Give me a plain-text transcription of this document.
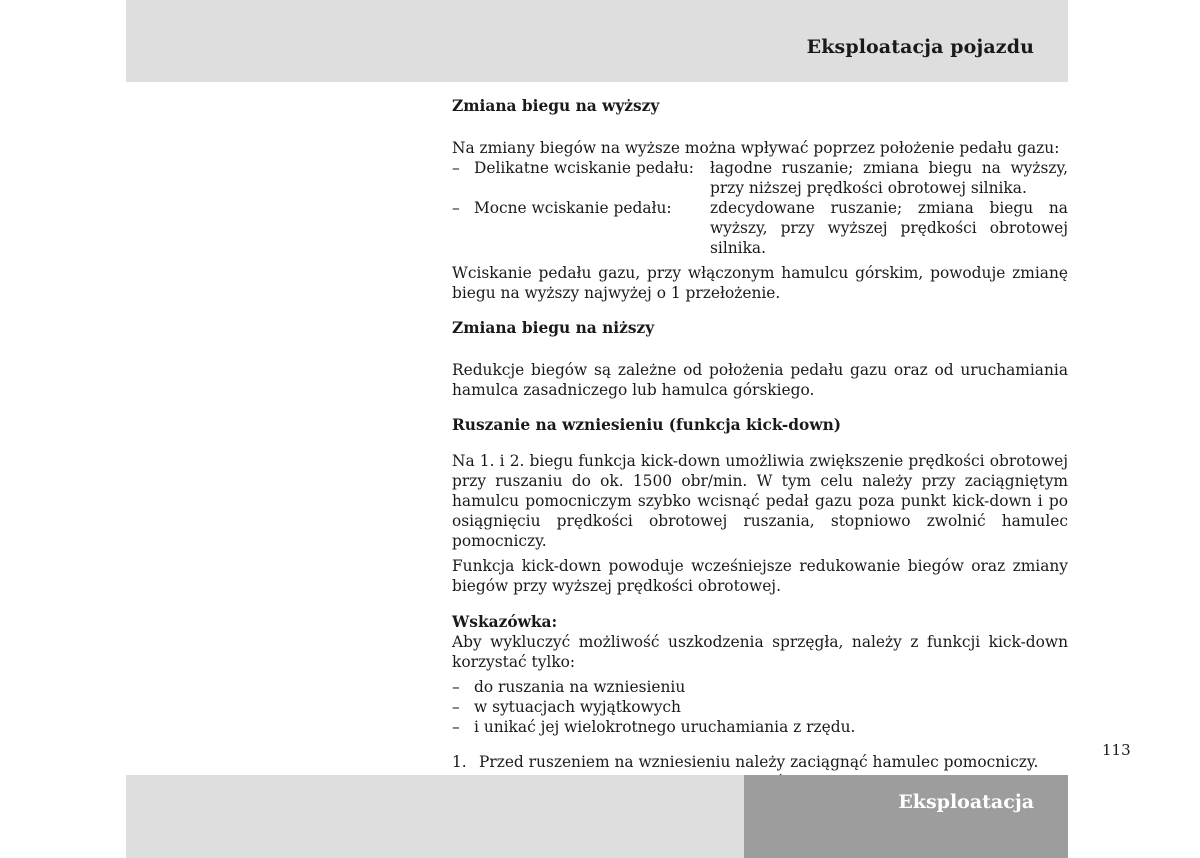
Eksploatacja pojazdu
Zmiana biegu na wyższy

Na zmiany biegów na wyższe można wpływać poprzez położenie pedału gazu:

– Delikatne wciskanie pedału: łagodne ruszanie; zmiana biegu na wyższy, przy niższej prędkości obrotowej silnika.
– Mocne wciskanie pedału: zdecydowane ruszanie; zmiana biegu na wyższy, przy wyższej prędkości obrotowej silnika.

Wciskanie pedału gazu, przy włączonym hamulcu górskim, powoduje zmianę biegu na wyższy najwyżej o 1 przełożenie.

Zmiana biegu na niższy

Redukcje biegów są zależne od położenia pedału gazu oraz od uruchamiania hamulca zasadniczego lub hamulca górskiego.

Ruszanie na wzniesieniu (funkcja kick-down)

Na 1. i 2. biegu funkcja kick-down umożliwia zwiększenie prędkości obrotowej przy ruszaniu do ok. 1500 obr/min. W tym celu należy przy zaciągniętym hamulcu pomocniczym szybko wcisnąć pedał gazu poza punkt kick-down i po osiągnięciu prędkości obrotowej ruszania, stopniowo zwolnić hamulec pomocniczy.

Funkcja kick-down powoduje wcześniejsze redukowanie biegów oraz zmiany biegów przy wyższej prędkości obrotowej.

Wskazówka:

Aby wykluczyć możliwość uszkodzenia sprzęgła, należy z funkcji kick-down korzystać tylko:

– do ruszania na wzniesieniu
– w sytuacjach wyjątkowych
– i unikać jej wielokrotnego uruchamiania z rzędu.
1. Przed ruszeniem na wzniesieniu należy zaciągnąć hamulec pomocniczy.
113
Eksploatacja
